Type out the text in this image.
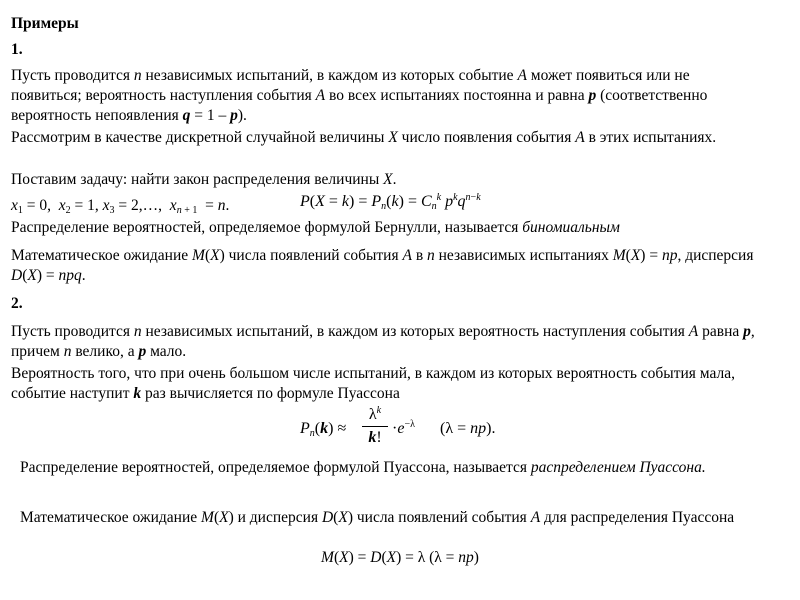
Примеры
1.

Пусть проводится n независимых испытаний, в каждом из которых событие A может появиться или не появиться; вероятность наступления события A во всех испытаниях постоянна и равна p (соответственно вероятность непоявления q = 1 – p).

Рассмотрим в качестве дискретной случайной величины X число появления события A в этих испытаниях.

Поставим задачу: найти закон распределения величины X.

$x_1 = 0$,  $x_2 = 1$, $x_3$ = 2,…,  $x_{n + 1} = n$.	$P(X = k) = P_n(k) = C_n^k$ $p^kq^{n-k}$

Распределение вероятностей, определяемое формулой Бернулли, называется биномиальным

Математическое ожидание M(X) числа появлений события A в n независимых испытаниях M(X) = np, дисперсия D(X) = npq.

2.

Пусть проводится n независимых испытаний, в каждом из которых вероятность наступления события A равна p, причем n велико, а p мало.

Вероятность того, что при очень большом числе испытаний, в каждом из которых вероятность события мала, событие наступит k раз вычисляется по формуле Пуассона

$P_n(k) \approx \frac{\lambda^k}{k!} \cdot e^{-\lambda}$ (λ = np).

Распределение вероятностей, определяемое формулой Пуассона, называется распределением Пуассона.

Математическое ожидание M(X) и дисперсия D(X) числа появлений события A для распределения Пуассона

M(X) = D(X) = λ (λ = np)
